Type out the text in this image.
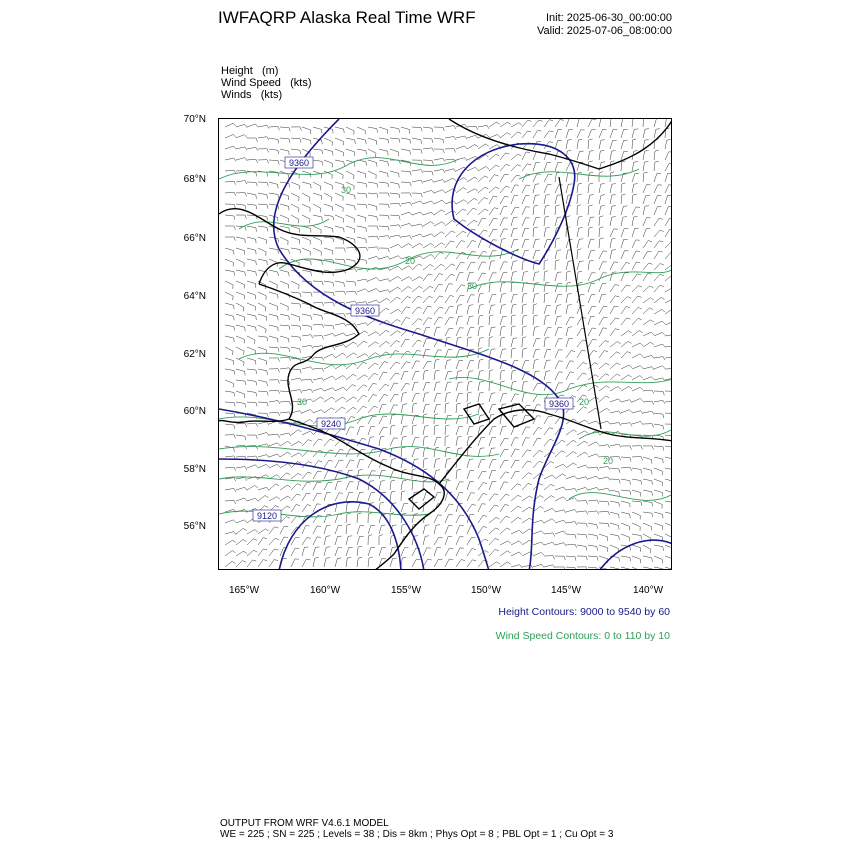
IWFAQRP Alaska Real Time WRF	Init: 2025-06-30_00:00:00
Valid: 2025-07-06_08:00:00
Height (m)
Wind Speed (kts)
Winds (kts)
70°N
68°N
66°N
64°N
62°N
60°N
58°N
56°N
165°W	160°W	155°W	150°W	145°W	140°W
9360
9360
9360
9240
9120
30
30
20
30	20
20
Height Contours: 9000 to 9540 by 60
Wind Speed Contours: 0 to 110 by 10
OUTPUT FROM WRF V4.6.1 MODEL
WE = 225 ; SN = 225 ; Levels = 38 ; Dis = 8km ; Phys Opt = 8 ; PBL Opt = 1 ; Cu Opt = 3
